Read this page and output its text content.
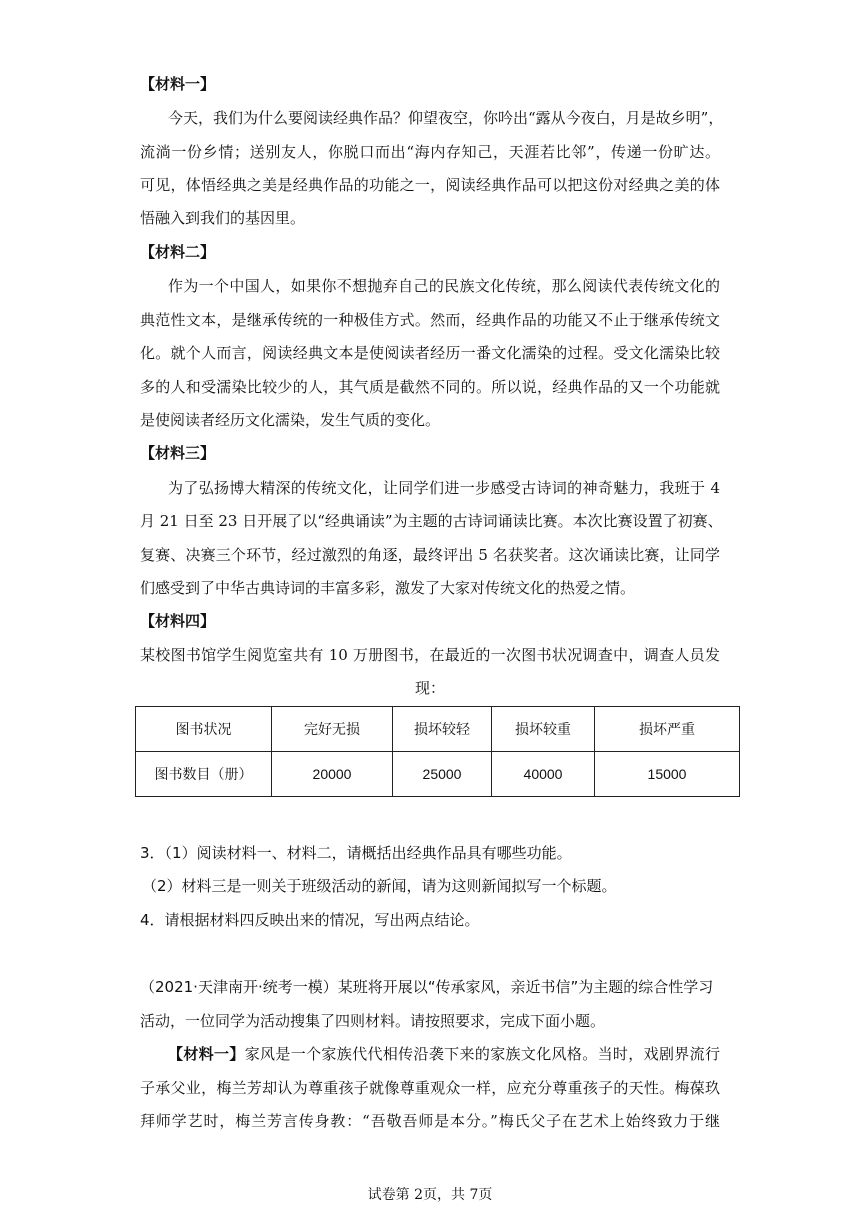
【材料一】
今天，我们为什么要阅读经典作品？仰望夜空，你吟出“露从今夜白，月是故乡明”，
流淌一份乡情；送别友人，你脱口而出“海内存知己，天涯若比邻”，传递一份旷达。
可见，体悟经典之美是经典作品的功能之一，阅读经典作品可以把这份对经典之美的体
悟融入到我们的基因里。
【材料二】
作为一个中国人，如果你不想抛弃自己的民族文化传统，那么阅读代表传统文化的
典范性文本，是继承传统的一种极佳方式。然而，经典作品的功能又不止于继承传统文
化。就个人而言，阅读经典文本是使阅读者经历一番文化濡染的过程。受文化濡染比较
多的人和受濡染比较少的人，其气质是截然不同的。所以说，经典作品的又一个功能就
是使阅读者经历文化濡染，发生气质的变化。
【材料三】
为了弘扬博大精深的传统文化，让同学们进一步感受古诗词的神奇魅力，我班于 4
月 21 日至 23 日开展了以“经典诵读”为主题的古诗词诵读比赛。本次比赛设置了初赛、
复赛、决赛三个环节，经过激烈的角逐，最终评出 5 名获奖者。这次诵读比赛，让同学
们感受到了中华古典诗词的丰富多彩，激发了大家对传统文化的热爱之情。
【材料四】
某校图书馆学生阅览室共有 10 万册图书，在最近的一次图书状况调查中，调查人员发
现：
图书状况	完好无损	损坏较轻	损坏较重	损坏严重
图书数目（册）	20000	25000	40000	15000
3．（1）阅读材料一、材料二，请概括出经典作品具有哪些功能。
（2）材料三是一则关于班级活动的新闻，请为这则新闻拟写一个标题。
4．请根据材料四反映出来的情况，写出两点结论。
（2021·天津南开·统考一模）某班将开展以“传承家风，亲近书信”为主题的综合性学习
活动，一位同学为活动搜集了四则材料。请按照要求，完成下面小题。
【材料一】家风是一个家族代代相传沿袭下来的家族文化风格。当时，戏剧界流行
子承父业，梅兰芳却认为尊重孩子就像尊重观众一样，应充分尊重孩子的天性。梅葆玖
拜师学艺时，梅兰芳言传身教：“吾敬吾师是本分。”梅氏父子在艺术上始终致力于继
试卷第 2页，共 7页
